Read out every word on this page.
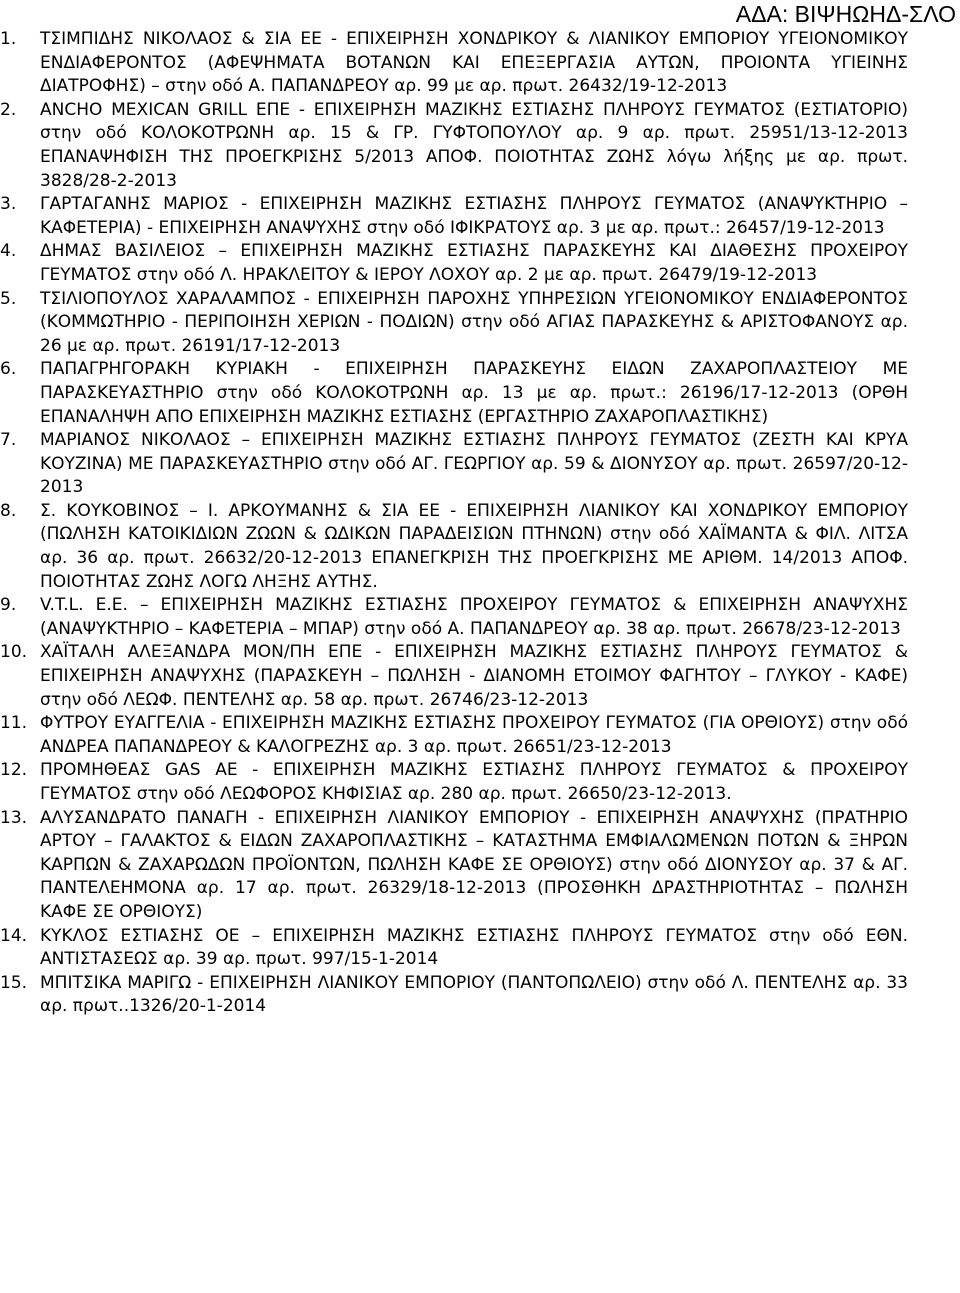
ΑΔΑ: ΒΙΨΗΩΗΔ-ΣΛΟ
1.	ΤΣΙΜΠΙΔΗΣ ΝΙΚΟΛΑΟΣ & ΣΙΑ ΕΕ - ΕΠΙΧΕΙΡΗΣΗ ΧΟΝΔΡΙΚΟΥ & ΛΙΑΝΙΚΟΥ ΕΜΠΟΡΙΟΥ ΥΓΕΙΟΝΟΜΙΚΟΥ ΕΝΔΙΑΦΕΡΟΝΤΟΣ (ΑΦΕΨΗΜΑΤΑ ΒΟΤΑΝΩΝ ΚΑΙ ΕΠΕΞΕΡΓΑΣΙΑ ΑΥΤΩΝ, ΠΡΟΙΟΝΤΑ ΥΓΙΕΙΝΗΣ ΔΙΑΤΡΟΦΗΣ) – στην οδό Α. ΠΑΠΑΝΔΡΕΟΥ αρ. 99 με αρ. πρωτ. 26432/19-12-2013
2.	ANCHO MEXICAN GRILL ΕΠΕ - ΕΠΙΧΕΙΡΗΣΗ ΜΑΖΙΚΗΣ ΕΣΤΙΑΣΗΣ ΠΛΗΡΟΥΣ ΓΕΥΜΑΤΟΣ (ΕΣΤΙΑΤΟΡΙΟ) στην οδό ΚΟΛΟΚΟΤΡΩΝΗ αρ. 15 & ΓΡ. ΓΥΦΤΟΠΟΥΛΟΥ αρ. 9 αρ. πρωτ. 25951/13-12-2013 ΕΠΑΝΑΨΗΦΙΣΗ ΤΗΣ ΠΡΟΕΓΚΡΙΣΗΣ 5/2013 ΑΠΟΦ. ΠΟΙΟΤΗΤΑΣ ΖΩΗΣ λόγω λήξης με αρ. πρωτ. 3828/28-2-2013
3.	ΓΑΡΤΑΓΑΝΗΣ ΜΑΡΙΟΣ - ΕΠΙΧΕΙΡΗΣΗ ΜΑΖΙΚΗΣ ΕΣΤΙΑΣΗΣ ΠΛΗΡΟΥΣ ΓΕΥΜΑΤΟΣ (ΑΝΑΨΥΚΤΗΡΙΟ – ΚΑΦΕΤΕΡΙΑ) - ΕΠΙΧΕΙΡΗΣΗ ΑΝΑΨΥΧΗΣ στην οδό ΙΦΙΚΡΑΤΟΥΣ αρ. 3 με αρ. πρωτ.: 26457/19-12-2013
4.	ΔΗΜΑΣ ΒΑΣΙΛΕΙΟΣ – ΕΠΙΧΕΙΡΗΣΗ ΜΑΖΙΚΗΣ ΕΣΤΙΑΣΗΣ ΠΑΡΑΣΚΕΥΗΣ ΚΑΙ ΔΙΑΘΕΣΗΣ ΠΡΟΧΕΙΡΟΥ ΓΕΥΜΑΤΟΣ στην οδό Λ. ΗΡΑΚΛΕΙΤΟΥ & ΙΕΡΟΥ ΛΟΧΟΥ αρ. 2 με αρ. πρωτ. 26479/19-12-2013
5.	ΤΣΙΛΙΟΠΟΥΛΟΣ ΧΑΡΑΛΑΜΠΟΣ - ΕΠΙΧΕΙΡΗΣΗ ΠΑΡΟΧΗΣ ΥΠΗΡΕΣΙΩΝ ΥΓΕΙΟΝΟΜΙΚΟΥ ΕΝΔΙΑΦΕΡΟΝΤΟΣ (ΚΟΜΜΩΤΗΡΙΟ - ΠΕΡΙΠΟΙΗΣΗ ΧΕΡΙΩΝ - ΠΟΔΙΩΝ) στην οδό ΑΓΙΑΣ ΠΑΡΑΣΚΕΥΗΣ & ΑΡΙΣΤΟΦΑΝΟΥΣ αρ. 26 με αρ. πρωτ. 26191/17-12-2013
6.	ΠΑΠΑΓΡΗΓΟΡΑΚΗ ΚΥΡΙΑΚΗ - ΕΠΙΧΕΙΡΗΣΗ ΠΑΡΑΣΚΕΥΗΣ ΕΙΔΩΝ ΖΑΧΑΡΟΠΛΑΣΤΕΙΟΥ ΜΕ ΠΑΡΑΣΚΕΥΑΣΤΗΡΙΟ στην οδό ΚΟΛΟΚΟΤΡΩΝΗ αρ. 13 με αρ. πρωτ.: 26196/17-12-2013 (ΟΡΘΗ ΕΠΑΝΑΛΗΨΗ ΑΠΟ ΕΠΙΧΕΙΡΗΣΗ ΜΑΖΙΚΗΣ ΕΣΤΙΑΣΗΣ (ΕΡΓΑΣΤΗΡΙΟ ΖΑΧΑΡΟΠΛΑΣΤΙΚΗΣ)
7.	ΜΑΡΙΑΝΟΣ ΝΙΚΟΛΑΟΣ – ΕΠΙΧΕΙΡΗΣΗ ΜΑΖΙΚΗΣ ΕΣΤΙΑΣΗΣ ΠΛΗΡΟΥΣ ΓΕΥΜΑΤΟΣ (ΖΕΣΤΗ ΚΑΙ ΚΡΥΑ ΚΟΥΖΙΝΑ) ΜΕ ΠΑΡΑΣΚΕΥΑΣΤΗΡΙΟ στην οδό ΑΓ. ΓΕΩΡΓΙΟΥ αρ. 59 & ΔΙΟΝΥΣΟΥ αρ. πρωτ. 26597/20-12-2013
8.	Σ. ΚΟΥΚΟΒΙΝΟΣ – Ι. ΑΡΚΟΥΜΑΝΗΣ & ΣΙΑ ΕΕ - ΕΠΙΧΕΙΡΗΣΗ ΛΙΑΝΙΚΟΥ ΚΑΙ ΧΟΝΔΡΙΚΟΥ ΕΜΠΟΡΙΟΥ (ΠΩΛΗΣΗ ΚΑΤΟΙΚΙΔΙΩΝ ΖΩΩΝ & ΩΔΙΚΩΝ ΠΑΡΑΔΕΙΣΙΩΝ ΠΤΗΝΩΝ) στην οδό ΧΑΪΜΑΝΤΑ & ΦΙΛ. ΛΙΤΣΑ αρ. 36 αρ. πρωτ. 26632/20-12-2013 ΕΠΑΝΕΓΚΡΙΣΗ ΤΗΣ ΠΡΟΕΓΚΡΙΣΗΣ ΜΕ ΑΡΙΘΜ. 14/2013 ΑΠΟΦ. ΠΟΙΟΤΗΤΑΣ ΖΩΗΣ ΛΟΓΩ ΛΗΞΗΣ ΑΥΤΗΣ.
9.	V.T.L. Ε.Ε. – ΕΠΙΧΕΙΡΗΣΗ ΜΑΖΙΚΗΣ ΕΣΤΙΑΣΗΣ ΠΡΟΧΕΙΡΟΥ ΓΕΥΜΑΤΟΣ & ΕΠΙΧΕΙΡΗΣΗ ΑΝΑΨΥΧΗΣ (ΑΝΑΨΥΚΤΗΡΙΟ – ΚΑΦΕΤΕΡΙΑ – ΜΠΑΡ) στην οδό Α. ΠΑΠΑΝΔΡΕΟΥ αρ. 38 αρ. πρωτ. 26678/23-12-2013
10. ΧΑΪΤΑΛΗ ΑΛΕΞΑΝΔΡΑ ΜΟΝ/ΠΗ ΕΠΕ - ΕΠΙΧΕΙΡΗΣΗ ΜΑΖΙΚΗΣ ΕΣΤΙΑΣΗΣ ΠΛΗΡΟΥΣ ΓΕΥΜΑΤΟΣ & ΕΠΙΧΕΙΡΗΣΗ ΑΝΑΨΥΧΗΣ (ΠΑΡΑΣΚΕΥΗ – ΠΩΛΗΣΗ - ΔΙΑΝΟΜΗ ΕΤΟΙΜΟΥ ΦΑΓΗΤΟΥ – ΓΛΥΚΟΥ - ΚΑΦΕ) στην οδό ΛΕΩΦ. ΠΕΝΤΕΛΗΣ αρ. 58 αρ. πρωτ. 26746/23-12-2013
11. ΦΥΤΡΟΥ ΕΥΑΓΓΕΛΙΑ - ΕΠΙΧΕΙΡΗΣΗ ΜΑΖΙΚΗΣ ΕΣΤΙΑΣΗΣ ΠΡΟΧΕΙΡΟΥ ΓΕΥΜΑΤΟΣ (ΓΙΑ ΟΡΘΙΟΥΣ) στην οδό ΑΝΔΡΕΑ ΠΑΠΑΝΔΡΕΟΥ & ΚΑΛΟΓΡΕΖΗΣ αρ. 3 αρ. πρωτ. 26651/23-12-2013
12. ΠΡΟΜΗΘΕΑΣ GAS ΑΕ - ΕΠΙΧΕΙΡΗΣΗ ΜΑΖΙΚΗΣ ΕΣΤΙΑΣΗΣ ΠΛΗΡΟΥΣ ΓΕΥΜΑΤΟΣ & ΠΡΟΧΕΙΡΟΥ ΓΕΥΜΑΤΟΣ στην οδό ΛΕΩΦΟΡΟΣ ΚΗΦΙΣΙΑΣ αρ. 280 αρ. πρωτ. 26650/23-12-2013.
13. ΑΛΥΣΑΝΔΡΑΤΟ ΠΑΝΑΓΗ - ΕΠΙΧΕΙΡΗΣΗ ΛΙΑΝΙΚΟΥ ΕΜΠΟΡΙΟΥ - ΕΠΙΧΕΙΡΗΣΗ ΑΝΑΨΥΧΗΣ (ΠΡΑΤΗΡΙΟ ΑΡΤΟΥ – ΓΑΛΑΚΤΟΣ & ΕΙΔΩΝ ΖΑΧΑΡΟΠΛΑΣΤΙΚΗΣ – ΚΑΤΑΣΤΗΜΑ ΕΜΦΙΑΛΩΜΕΝΩΝ ΠΟΤΩΝ & ΞΗΡΩΝ ΚΑΡΠΩΝ & ΖΑΧΑΡΩΔΩΝ ΠΡΟΪΟΝΤΩΝ, ΠΩΛΗΣΗ ΚΑΦΕ ΣΕ ΟΡΘΙΟΥΣ) στην οδό ΔΙΟΝΥΣΟΥ αρ. 37 & ΑΓ. ΠΑΝΤΕΛΕΗΜΟΝΑ αρ. 17 αρ. πρωτ. 26329/18-12-2013 (ΠΡΟΣΘΗΚΗ ΔΡΑΣΤΗΡΙΟΤΗΤΑΣ – ΠΩΛΗΣΗ ΚΑΦΕ ΣΕ ΟΡΘΙΟΥΣ)
14. ΚΥΚΛΟΣ ΕΣΤΙΑΣΗΣ ΟΕ – ΕΠΙΧΕΙΡΗΣΗ ΜΑΖΙΚΗΣ ΕΣΤΙΑΣΗΣ ΠΛΗΡΟΥΣ ΓΕΥΜΑΤΟΣ στην οδό ΕΘΝ. ΑΝΤΙΣΤΑΣΕΩΣ αρ. 39 αρ. πρωτ. 997/15-1-2014
15. ΜΠΙΤΣΙΚΑ ΜΑΡΙΓΩ - ΕΠΙΧΕΙΡΗΣΗ ΛΙΑΝΙΚΟΥ ΕΜΠΟΡΙΟΥ (ΠΑΝΤΟΠΩΛΕΙΟ) στην οδό Λ. ΠΕΝΤΕΛΗΣ αρ. 33 αρ. πρωτ..1326/20-1-2014
